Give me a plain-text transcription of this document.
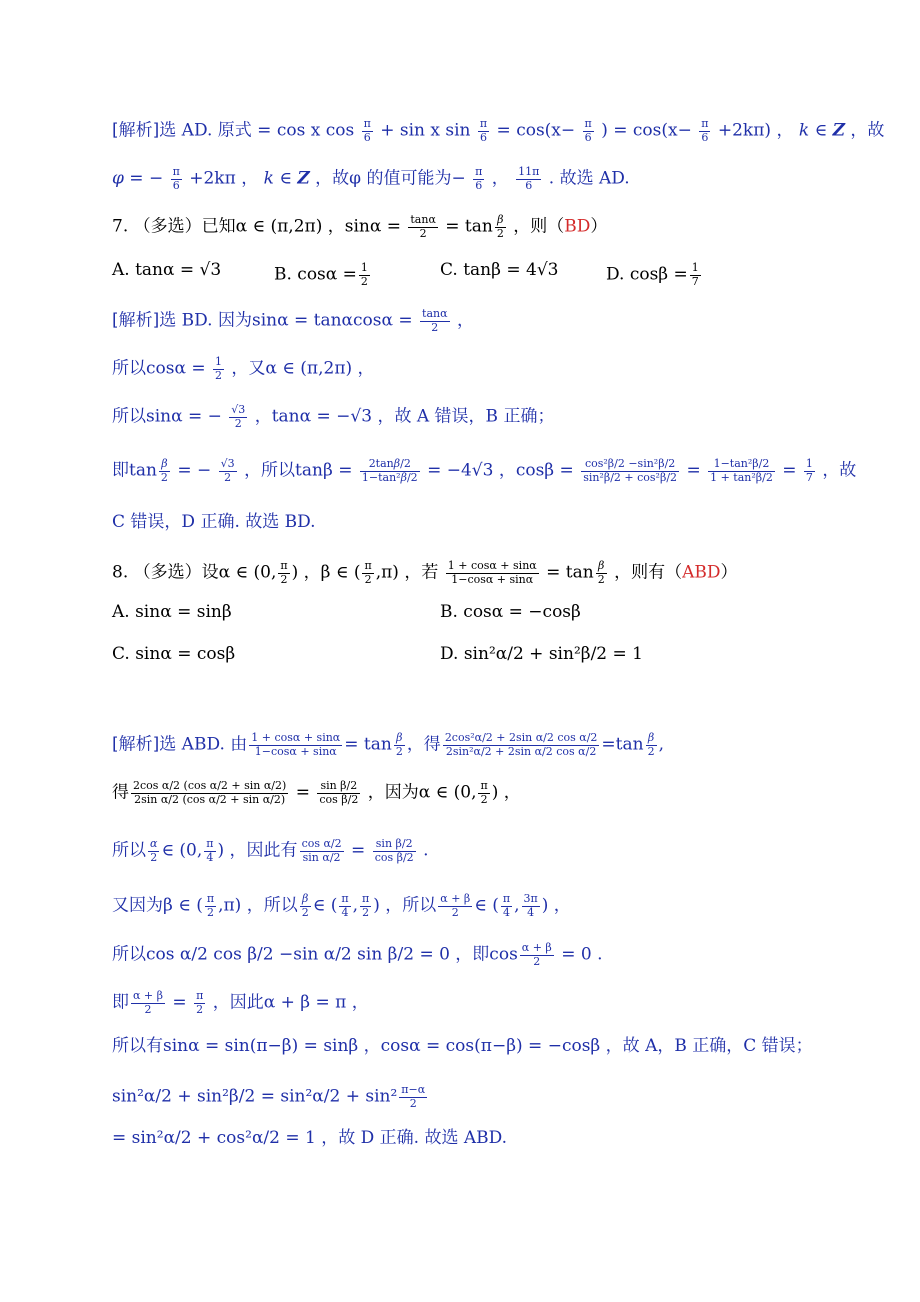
[解析]选 AD. 原式 = cos x $\cos \frac{\pi}{6} + \sin x$ $\sin \frac{\pi}{6} = \cos(x- \frac{\pi}{6}$ ) = $\cos(x- \frac{\pi}{6} +2k\pi)$ ， k ∈ Z ，故
φ = − $\frac{\pi}{6} +2k\pi$ ， k ∈ Z ，故φ 的值可能为− $\frac{\pi}{6}$ ， $\frac{11\pi}{6}$ . 故选 AD.
7. （多选）已知α ∈ (π,2π) ，$\sin\alpha = \frac{\tan\alpha}{2} = \tan \frac{\beta}{2}$ ，则（BD）
A. tanα = √3	B. $\cos\alpha = \frac{1}{2}$	C. tanβ = 4√3	D. $\cos\beta = \frac{1}{7}$
[解析]选 BD. 因为$\sin\alpha = \tan\alpha\cos\alpha = \frac{\tan\alpha}{2}$ ，
所以$\cos\alpha = \frac{1}{2}$ ，又α ∈ (π,2π) ，
所以sinα = − $\frac{√3}{2}$ ，tanα = −√3 ，故 A 错误，B 正确；
即$\tan \frac{\beta}{2}$ = − $\frac{√3}{2}$ ，所以$\tan\beta = \frac{2\tan\beta/2}{\text{1−tan²β/2}} = -4√3$ ，$\cos\beta = \frac{\text{cos²β/2 −sin²β/2}}{\text{sin²β/2 + cos²β/2}} = \frac{\text{1−tan²β/2}}{\text{1 + tan²β/2}} = \frac{1}{7}$ ，故
C 错误，D 正确. 故选 BD.
8. （多选）设α ∈ (0, $\frac{\pi}{2}$ ) ，β ∈ ( $\frac{\pi}{2} ,\pi$) ，若 $\frac{1 + \cos\alpha + \sin\alpha}{1-\cos\alpha + \sin\alpha} = \tan \frac{\beta}{2}$ ，则有（ABD）
A. sinα = sinβ	B. cosα = −cosβ
C. sinα = cosβ	D. sin²α/2 + sin²β/2 = 1
[解析]选 ABD. 由 $\frac{1 + \cos\alpha + \sin\alpha}{1-\cos\alpha + \sin\alpha} = \tan \frac{\beta}{2}$ ，得 $\frac{\text{2cos²α/2 + 2sin α/2 cos α/2}}{\text{2sin²α/2 + 2sin α/2 cos α/2}} =\tan \frac{\beta}{2}$ ,
得 $\frac{\text{2cos α/2 (cos α/2 + sin α/2)}}{\text{2sin α/2 (cos α/2 + sin α/2)}} = \frac{\text{sin β/2}}{\text{cos β/2}}$ ，因为α ∈ (0, $\frac{\pi}{2}$ ) ，
所以 $\frac{\alpha}{2}$ ∈ (0, $\frac{\pi}{4}$ ) ，因此有 $\frac{\text{cos α/2}}{\text{sin α/2}} = \frac{\text{sin β/2}}{\text{cos β/2}}$ .
又因为β ∈ ( $\frac{\pi}{2} ,\pi$) ，所以 $\frac{\beta}{2}$ ∈ ( $\frac{\pi}{4}$ , $\frac{\pi}{2}$ ) ，所以 $\frac{\alpha + \beta}{2}$ ∈ ( $\frac{\pi}{4}$ , $\frac{3\pi}{4}$ ) ，
所以cos α/2 cos β/2 −sin α/2 sin β/2 = 0 ，即$\cos \frac{\alpha + \beta}{2} = 0$ .
即 $\frac{\alpha + \beta}{2} = \frac{\pi}{2}$ ，因此α + β = π ，
所以有sinα = sin(π−β) = sinβ ，cosα = cos(π−β) = −cosβ ，故 A，B 正确，C 错误；
$\sin^2\alpha/2 + \sin^2\beta/2 = \sin^2\alpha/2 + \sin^2 \frac{\pi-\alpha}{2}$
= sin²α/2 + cos²α/2 = 1 ，故 D 正确. 故选 ABD.
